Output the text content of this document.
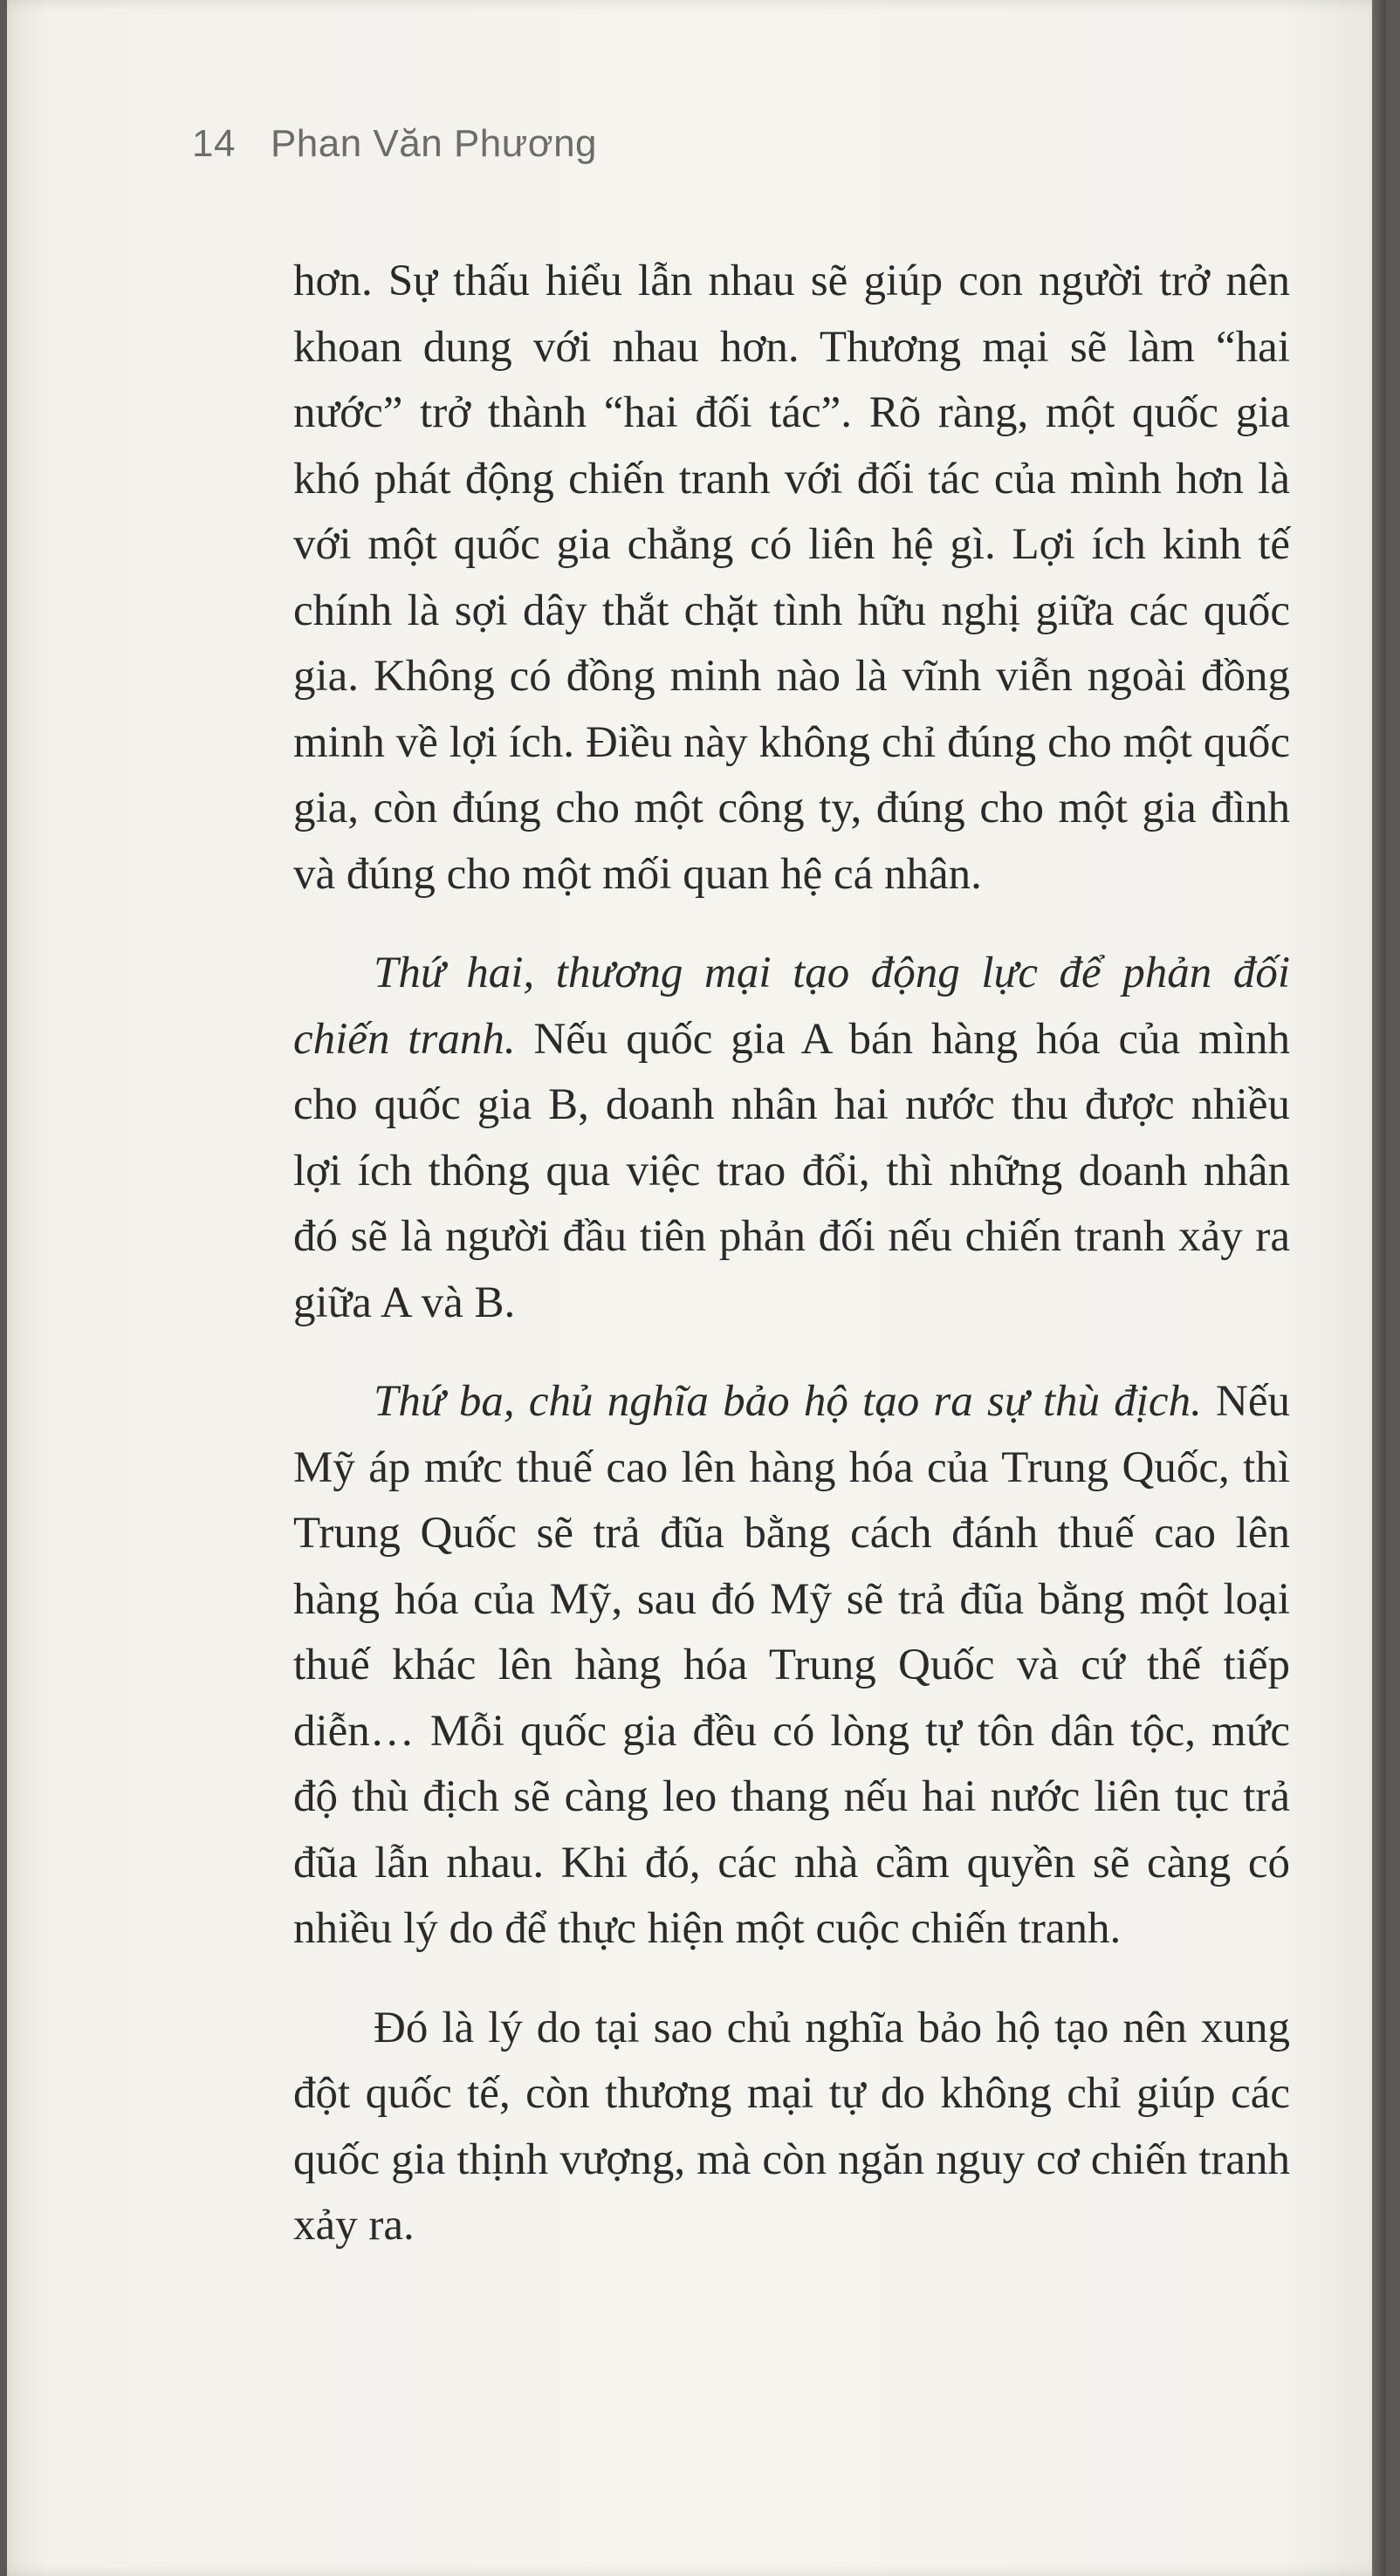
14 Phan Văn Phương

hơn. Sự thấu hiểu lẫn nhau sẽ giúp con người trở nên khoan dung với nhau hơn. Thương mại sẽ làm “hai nước” trở thành “hai đối tác”. Rõ ràng, một quốc gia khó phát động chiến tranh với đối tác của mình hơn là với một quốc gia chẳng có liên hệ gì. Lợi ích kinh tế chính là sợi dây thắt chặt tình hữu nghị giữa các quốc gia. Không có đồng minh nào là vĩnh viễn ngoài đồng minh về lợi ích. Điều này không chỉ đúng cho một quốc gia, còn đúng cho một công ty, đúng cho một gia đình và đúng cho một mối quan hệ cá nhân.

Thứ hai, thương mại tạo động lực để phản đối chiến tranh. Nếu quốc gia A bán hàng hóa của mình cho quốc gia B, doanh nhân hai nước thu được nhiều lợi ích thông qua việc trao đổi, thì những doanh nhân đó sẽ là người đầu tiên phản đối nếu chiến tranh xảy ra giữa A và B.

Thứ ba, chủ nghĩa bảo hộ tạo ra sự thù địch. Nếu Mỹ áp mức thuế cao lên hàng hóa của Trung Quốc, thì Trung Quốc sẽ trả đũa bằng cách đánh thuế cao lên hàng hóa của Mỹ, sau đó Mỹ sẽ trả đũa bằng một loại thuế khác lên hàng hóa Trung Quốc và cứ thế tiếp diễn… Mỗi quốc gia đều có lòng tự tôn dân tộc, mức độ thù địch sẽ càng leo thang nếu hai nước liên tục trả đũa lẫn nhau. Khi đó, các nhà cầm quyền sẽ càng có nhiều lý do để thực hiện một cuộc chiến tranh.

Đó là lý do tại sao chủ nghĩa bảo hộ tạo nên xung đột quốc tế, còn thương mại tự do không chỉ giúp các quốc gia thịnh vượng, mà còn ngăn nguy cơ chiến tranh xảy ra.
